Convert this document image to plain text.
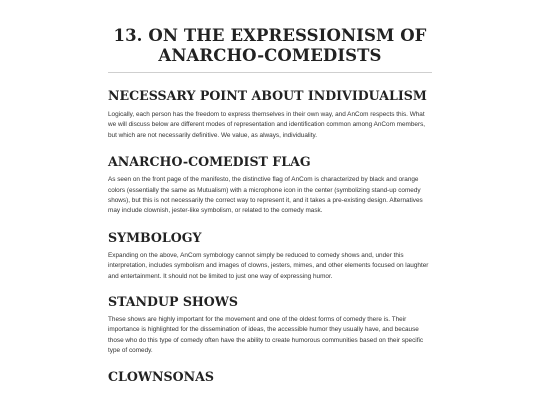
13. ON THE EXPRESSIONISM OF
ANARCHO-COMEDISTS
NECESSARY POINT ABOUT INDIVIDUALISM

Logically, each person has the freedom to express themselves in their own way, and AnCom respects this. What we will discuss below are different modes of representation and identification common among AnCom members, but which are not necessarily definitive. We value, as always, individuality.

ANARCHO-COMEDIST FLAG

As seen on the front page of the manifesto, the distinctive flag of AnCom is characterized by black and orange colors (essentially the same as Mutualism) with a microphone icon in the center (symbolizing stand-up comedy shows), but this is not necessarily the correct way to represent it, and it takes a pre-existing design. Alternatives may include clownish, jester-like symbolism, or related to the comedy mask.

SYMBOLOGY

Expanding on the above, AnCom symbology cannot simply be reduced to comedy shows and, under this interpretation, includes symbolism and images of clowns, jesters, mimes, and other elements focused on laughter and entertainment. It should not be limited to just one way of expressing humor.

STANDUP SHOWS

These shows are highly important for the movement and one of the oldest forms of comedy there is. Their importance is highlighted for the dissemination of ideas, the accessible humor they usually have, and because those who do this type of comedy often have the ability to create humorous communities based on their specific type of comedy.

CLOWNSONAS
